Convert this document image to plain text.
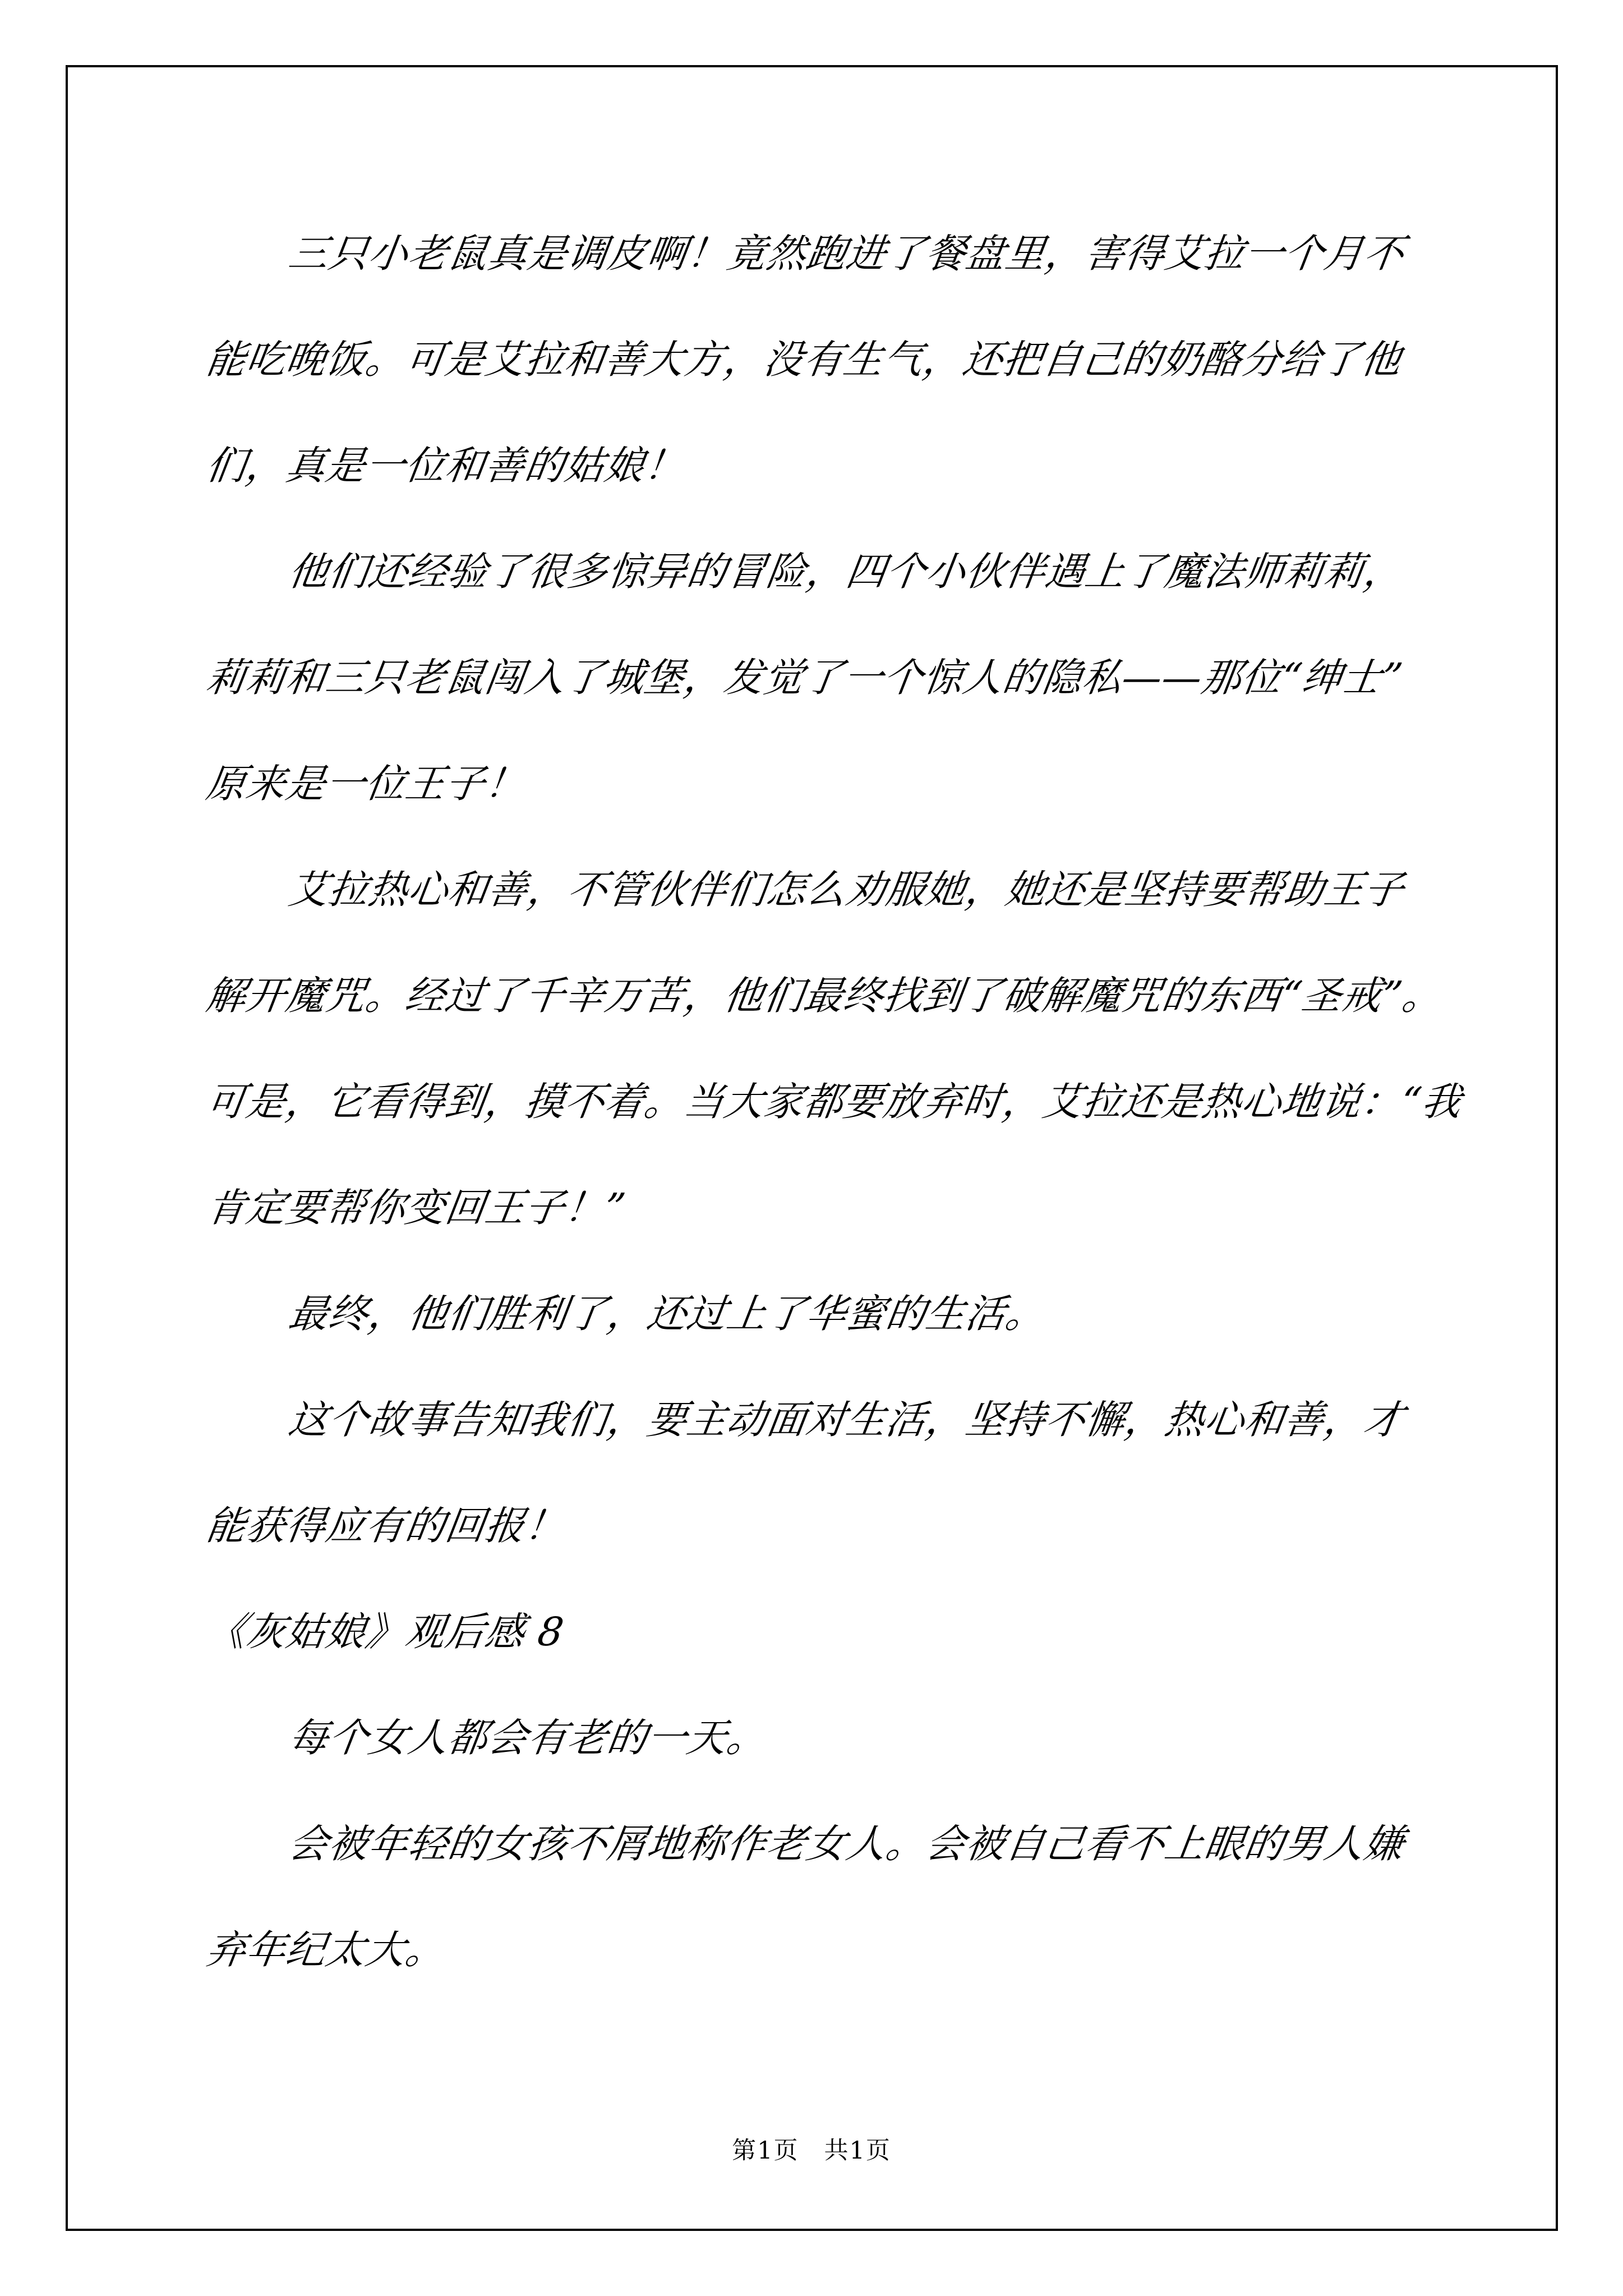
三只小老鼠真是调皮啊！竟然跑进了餐盘里，害得艾拉一个月不
能吃晚饭。可是艾拉和善大方，没有生气，还把自己的奶酪分给了他
们，真是一位和善的姑娘！
他们还经验了很多惊异的冒险，四个小伙伴遇上了魔法师莉莉，
莉莉和三只老鼠闯入了城堡，发觉了一个惊人的隐私——那位“绅士”
原来是一位王子！
艾拉热心和善，不管伙伴们怎么劝服她，她还是坚持要帮助王子
解开魔咒。经过了千辛万苦，他们最终找到了破解魔咒的东西“圣戒”。
可是，它看得到，摸不着。当大家都要放弃时，艾拉还是热心地说：“我
肯定要帮你变回王子！”
最终，他们胜利了，还过上了华蜜的生活。
这个故事告知我们，要主动面对生活，坚持不懈，热心和善，才
能获得应有的回报！
《灰姑娘》观后感 8
每个女人都会有老的一天。
会被年轻的女孩不屑地称作老女人。会被自己看不上眼的男人嫌
弃年纪太大。
第1页　共1页
